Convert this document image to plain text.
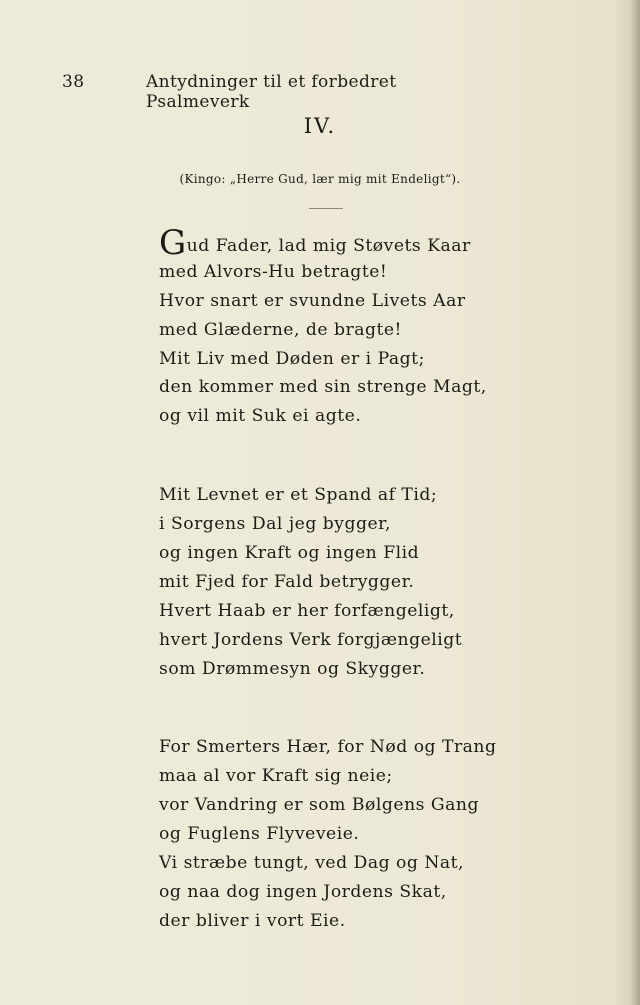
38	Antydninger til et forbedret Psalmeverk
IV.
(Kingo: „Herre Gud, lær mig mit Endeligt“).
Gud Fader, lad mig Støvets Kaar
med Alvors-Hu betragte!
Hvor snart er svundne Livets Aar
med Glæderne, de bragte!
Mit Liv med Døden er i Pagt;
den kommer med sin strenge Magt,
og vil mit Suk ei agte.
Mit Levnet er et Spand af Tid;
i Sorgens Dal jeg bygger,
og ingen Kraft og ingen Flid
mit Fjed for Fald betrygger.
Hvert Haab er her forfængeligt,
hvert Jordens Verk forgjængeligt
som Drømmesyn og Skygger.
For Smerters Hær, for Nød og Trang
maa al vor Kraft sig neie;
vor Vandring er som Bølgens Gang
og Fuglens Flyveveie.
Vi stræbe tungt, ved Dag og Nat,
og naa dog ingen Jordens Skat,
der bliver i vort Eie.
